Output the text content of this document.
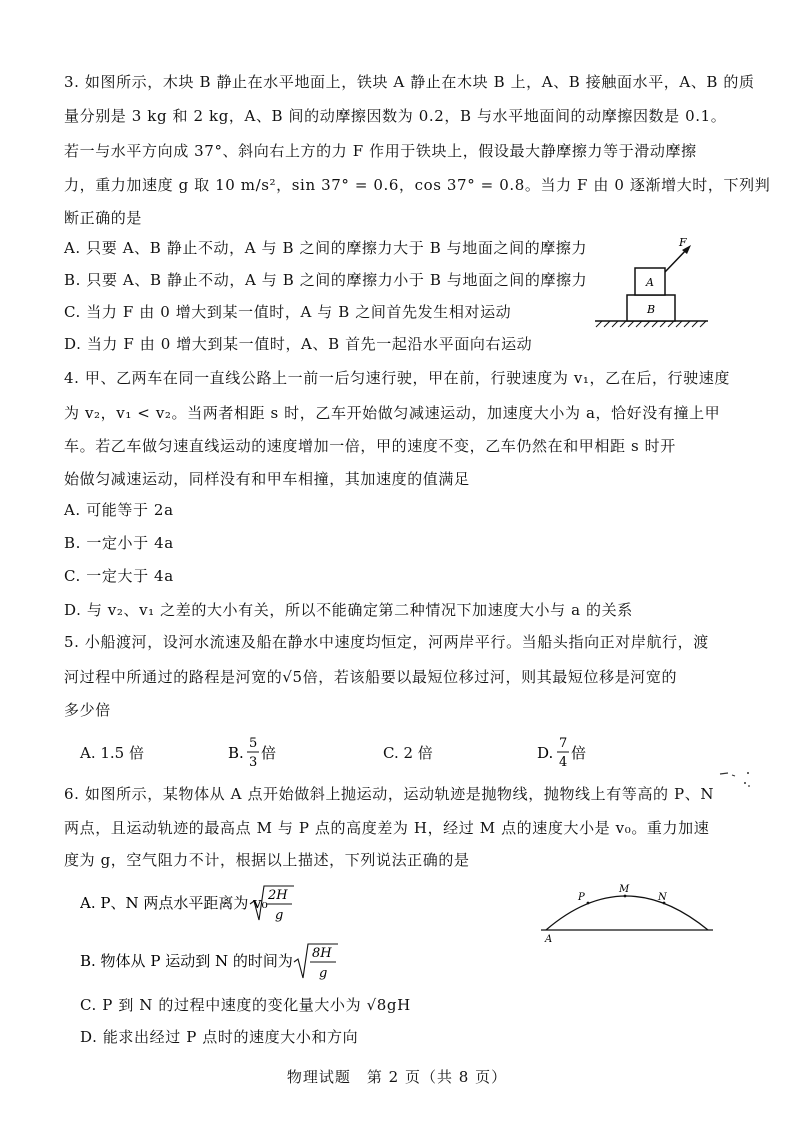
3. 如图所示，木块 B 静止在水平地面上，铁块 A 静止在木块 B 上，A、B 接触面水平，A、B 的质
量分别是 3 kg 和 2 kg，A、B 间的动摩擦因数为 0.2，B 与水平地面间的动摩擦因数是 0.1。
若一与水平方向成 37°、斜向右上方的力 F 作用于铁块上，假设最大静摩擦力等于滑动摩擦
力，重力加速度 g 取 10 m/s²，sin 37° = 0.6，cos 37° = 0.8。当力 F 由 0 逐渐增大时，下列判
断正确的是
A. 只要 A、B 静止不动，A 与 B 之间的摩擦力大于 B 与地面之间的摩擦力
B. 只要 A、B 静止不动，A 与 B 之间的摩擦力小于 B 与地面之间的摩擦力
C. 当力 F 由 0 增大到某一值时，A 与 B 之间首先发生相对运动
D. 当力 F 由 0 增大到某一值时，A、B 首先一起沿水平面向右运动
F
A
B
4. 甲、乙两车在同一直线公路上一前一后匀速行驶，甲在前，行驶速度为 v₁，乙在后，行驶速度
为 v₂，v₁ < v₂。当两者相距 s 时，乙车开始做匀减速运动，加速度大小为 a，恰好没有撞上甲
车。若乙车做匀速直线运动的速度增加一倍，甲的速度不变，乙车仍然在和甲相距 s 时开
始做匀减速运动，同样没有和甲车相撞，其加速度的值满足
A. 可能等于 2a
B. 一定小于 4a
C. 一定大于 4a
D. 与 v₂、v₁ 之差的大小有关，所以不能确定第二种情况下加速度大小与 a 的关系
5. 小船渡河，设河水流速及船在静水中速度均恒定，河两岸平行。当船头指向正对岸航行，渡
河过程中所通过的路程是河宽的√5倍，若该船要以最短位移过河，则其最短位移是河宽的
多少倍
A. 1.5 倍	B.
5
3
倍	C. 2 倍	D.
7
4
倍
6. 如图所示，某物体从 A 点开始做斜上抛运动，运动轨迹是抛物线，抛物线上有等高的 P、N
两点，且运动轨迹的最高点 M 与 P 点的高度差为 H，经过 M 点的速度大小是 v₀。重力加速
度为 g，空气阻力不计，根据以上描述，下列说法正确的是
A. P、N 两点水平距离为 v₀ 2H
g
B. 物体从 P 运动到 N 的时间为 8H
g
C. P 到 N 的过程中速度的变化量大小为 √8gH
D. 能求出经过 P 点时的速度大小和方向
P
M
N
A
物理试题　第 2 页（共 8 页）
